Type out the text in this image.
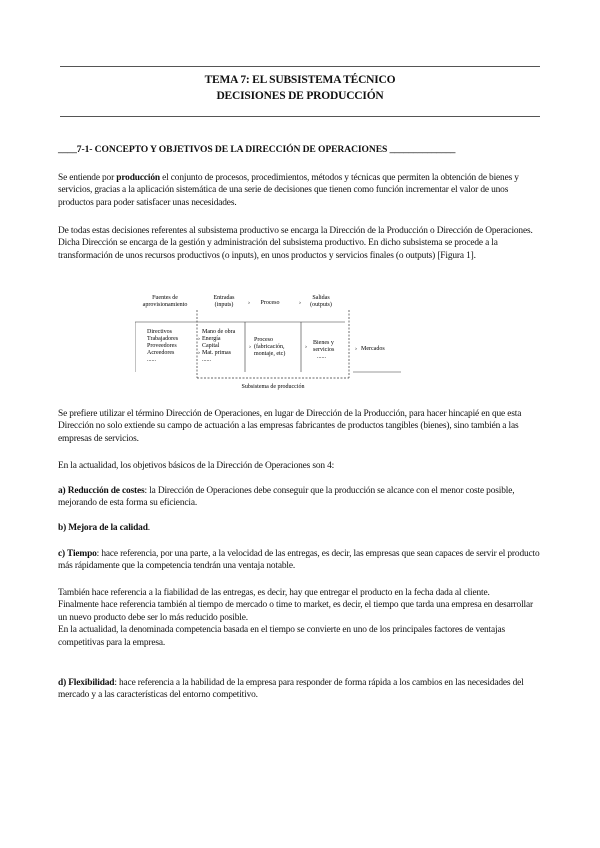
TEMA 7: EL SUBSISTEMA TÉCNICO
DECISIONES DE PRODUCCIÓN
____7-1- CONCEPTO Y OBJETIVOS DE LA DIRECCIÓN DE OPERACIONES ______________
Se entiende por producción el conjunto de procesos, procedimientos, métodos y técnicas que permiten la obtención de bienes y servicios, gracias a la aplicación sistemática de una serie de decisiones que tienen como función incrementar el valor de unos productos para poder satisfacer unas necesidades.
De todas estas decisiones referentes al subsistema productivo se encarga la Dirección de la Producción o Dirección de Operaciones. Dicha Dirección se encarga de la gestión y administración del subsistema productivo. En dicho subsistema se procede a la transformación de unos recursos productivos (o inputs), en unos productos y servicios finales (o outputs) [Figura 1].
Fuentes de
aprovisionamiento
Entradas
(inputs) › Proceso	›
Salidas
(outputs)
Directivos
Trabajadores
Proveedores
Acreedores
......
Mano de obra
Energía
Capital
Mat. primas
......
›
›
Proceso
(fabricación,
montaje, etc)
›
Bienes y
servicios
......
›	› Mercados
Subsistema de producción
Se prefiere utilizar el término Dirección de Operaciones, en lugar de Dirección de la Producción, para hacer hincapié en que esta Dirección no solo extiende su campo de actuación a las empresas fabricantes de productos tangibles (bienes), sino también a las empresas de servicios.
En la actualidad, los objetivos básicos de la Dirección de Operaciones son 4:
a) Reducción de costes: la Dirección de Operaciones debe conseguir que la producción se alcance con el menor coste posible, mejorando de esta forma su eficiencia.
b) Mejora de la calidad.
c) Tiempo: hace referencia, por una parte, a la velocidad de las entregas, es decir, las empresas que sean capaces de servir el producto más rápidamente que la competencia tendrán una ventaja notable.
También hace referencia a la fiabilidad de las entregas, es decir, hay que entregar el producto en la fecha dada al cliente.
Finalmente hace referencia también al tiempo de mercado o time to market, es decir, el tiempo que tarda una empresa en desarrollar un nuevo producto debe ser lo más reducido posible.
En la actualidad, la denominada competencia basada en el tiempo se convierte en uno de los principales factores de ventajas competitivas para la empresa.
d) Flexibilidad: hace referencia a la habilidad de la empresa para responder de forma rápida a los cambios en las necesidades del mercado y a las características del entorno competitivo.
